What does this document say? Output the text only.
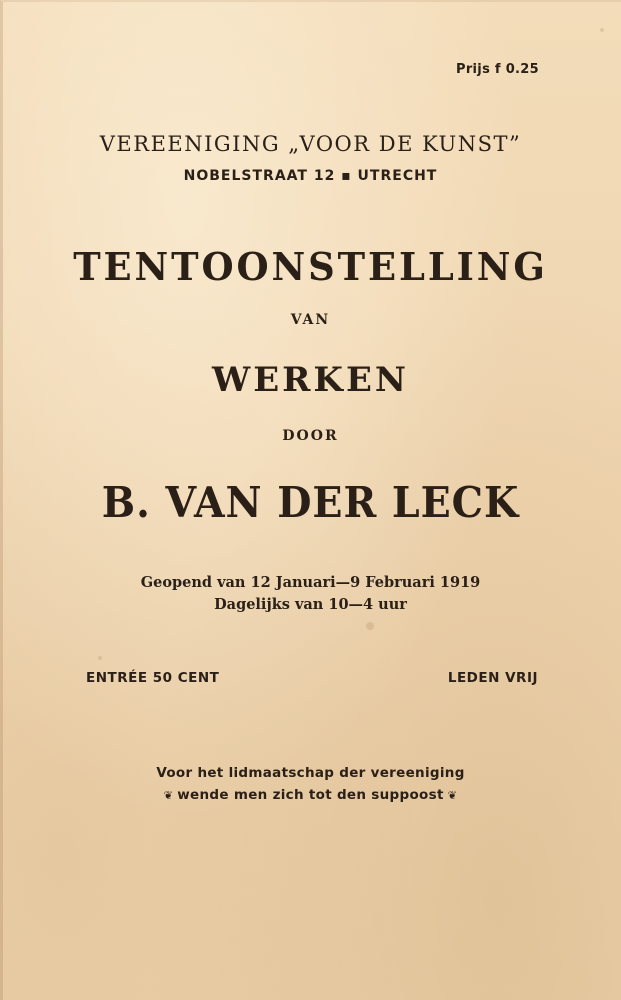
Prijs f 0.25
VEREENIGING „VOOR DE KUNST”
NOBELSTRAAT 12 ▪ UTRECHT
TENTOONSTELLING
VAN
WERKEN
DOOR
B. VAN DER LECK
Geopend van 12 Januari—9 Februari 1919
Dagelijks van 10—4 uur
ENTRÉE 50 CENT	LEDEN VRIJ
Voor het lidmaatschap der vereeniging
❦ wende men zich tot den suppoost ❦
